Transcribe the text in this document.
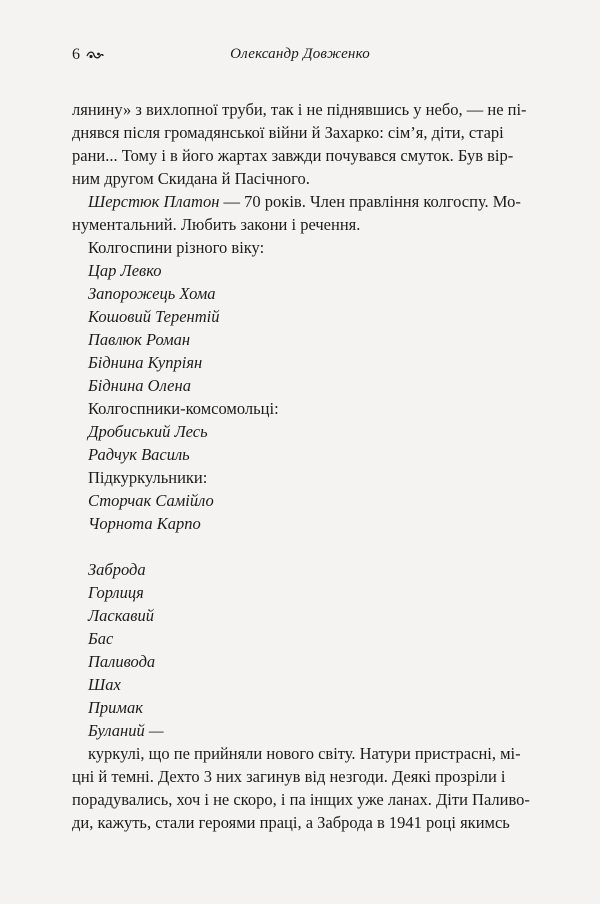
6	Олександр Довженко

лянину» з вихлопної труби, так і не піднявшись у небо, — не пі-
днявся після громадянської війни й Захарко: сім’я, діти, старі
рани... Тому і в його жартах завжди почувався смуток. Був вір-
ним другом Скидана й Пасічного.

Шерстюк Платон — 70 років. Член правління колгоспу. Мо-
нументальний. Любить закони і речення.

Колгоспини різного віку:
Цар Левко
Запорожець Хома
Кошовий Терентій
Павлюк Роман
Біднина Купріян
Біднина Олена
Колгоспники-комсомольці:
Дробиський Лесь
Радчук Василь
Підкуркульники:
Сторчак Самійло
Чорнота Карпо
Заброда
Горлиця
Ласкавий
Бас
Паливода
Шах
Примак
Буланий —

куркулі, що пе прийняли нового світу. Натури пристрасні, мі-
цні й темні. Дехто 3 них загинув від незгоди. Деякі прозріли і
порадувались, хоч і не скоро, і па інщих уже ланах. Діти Паливо-
ди, кажуть, стали героями праці, а Заброда в 1941 році якимсь
